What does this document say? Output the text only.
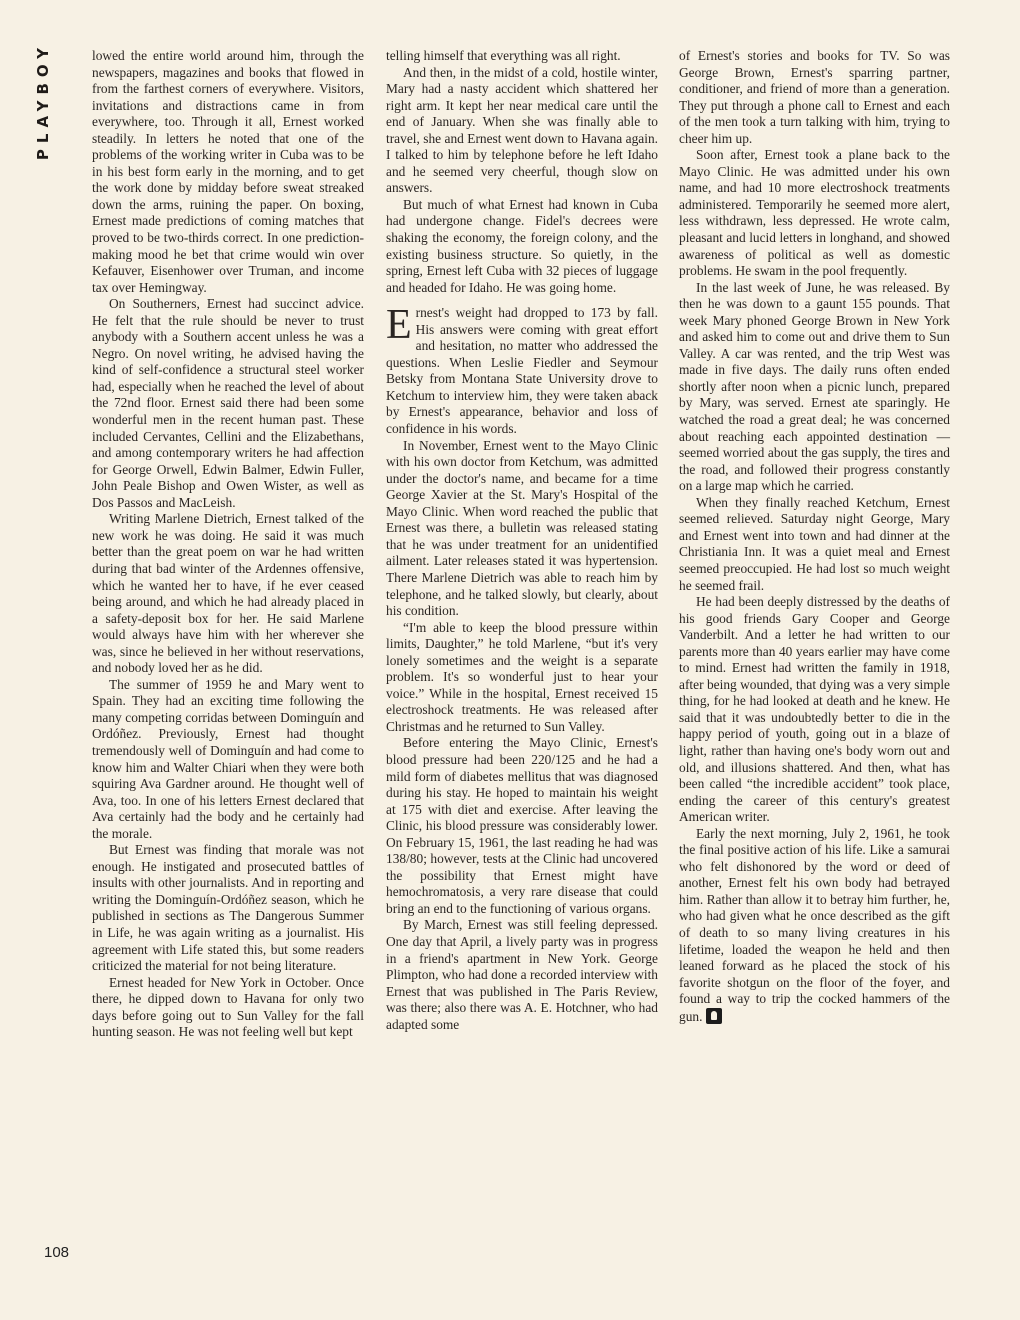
PLAYBOY	lowed the entire world around him, through the newspapers, magazines and books that flowed in from the farthest corners of everywhere. Visitors, invitations and distractions came in from everywhere, too. Through it all, Ernest worked steadily. In letters he noted that one of the problems of the working writer in Cuba was to be in his best form early in the morning, and to get the work done by midday before sweat streaked down the arms, ruining the paper. On boxing, Ernest made predictions of coming matches that proved to be two-thirds correct. In one prediction-making mood he bet that crime would win over Kefauver, Eisenhower over Truman, and income tax over Hemingway.

On Southerners, Ernest had succinct advice. He felt that the rule should be never to trust anybody with a Southern accent unless he was a Negro. On novel writing, he advised having the kind of self-confidence a structural steel worker had, especially when he reached the level of about the 72nd floor. Ernest said there had been some wonderful men in the recent human past. These included Cervantes, Cellini and the Elizabethans, and among contemporary writers he had affection for George Orwell, Edwin Balmer, Edwin Fuller, John Peale Bishop and Owen Wister, as well as Dos Passos and MacLeish.

Writing Marlene Dietrich, Ernest talked of the new work he was doing. He said it was much better than the great poem on war he had written during that bad winter of the Ardennes offensive, which he wanted her to have, if he ever ceased being around, and which he had already placed in a safety-deposit box for her. He said Marlene would always have him with her wherever she was, since he believed in her without reservations, and nobody loved her as he did.

The summer of 1959 he and Mary went to Spain. They had an exciting time following the many competing corridas between Dominguín and Ordóñez. Previously, Ernest had thought tremendously well of Dominguín and had come to know him and Walter Chiari when they were both squiring Ava Gardner around. He thought well of Ava, too. In one of his letters Ernest declared that Ava certainly had the body and he certainly had the morale.

But Ernest was finding that morale was not enough. He instigated and prosecuted battles of insults with other journalists. And in reporting and writing the Dominguín-Ordóñez season, which he published in sections as The Dangerous Summer in Life, he was again writing as a journalist. His agreement with Life stated this, but some readers criticized the material for not being literature.

Ernest headed for New York in October. Once there, he dipped down to Havana for only two days before going out to Sun Valley for the fall hunting season. He was not feeling well but kept

telling himself that everything was all right.

And then, in the midst of a cold, hostile winter, Mary had a nasty accident which shattered her right arm. It kept her near medical care until the end of January. When she was finally able to travel, she and Ernest went down to Havana again. I talked to him by telephone before he left Idaho and he seemed very cheerful, though slow on answers.

But much of what Ernest had known in Cuba had undergone change. Fidel's decrees were shaking the economy, the foreign colony, and the existing business structure. So quietly, in the spring, Ernest left Cuba with 32 pieces of luggage and headed for Idaho. He was going home.

Ernest's weight had dropped to 173 by fall. His answers were coming with great effort and hesitation, no matter who addressed the questions. When Leslie Fiedler and Seymour Betsky from Montana State University drove to Ketchum to interview him, they were taken aback by Ernest's appearance, behavior and loss of confidence in his words.

In November, Ernest went to the Mayo Clinic with his own doctor from Ketchum, was admitted under the doctor's name, and became for a time George Xavier at the St. Mary's Hospital of the Mayo Clinic. When word reached the public that Ernest was there, a bulletin was released stating that he was under treatment for an unidentified ailment. Later releases stated it was hypertension. There Marlene Dietrich was able to reach him by telephone, and he talked slowly, but clearly, about his condition.

“I'm able to keep the blood pressure within limits, Daughter,” he told Marlene, “but it's very lonely sometimes and the weight is a separate problem. It's so wonderful just to hear your voice.” While in the hospital, Ernest received 15 electroshock treatments. He was released after Christmas and he returned to Sun Valley.

Before entering the Mayo Clinic, Ernest's blood pressure had been 220/125 and he had a mild form of diabetes mellitus that was diagnosed during his stay. He hoped to maintain his weight at 175 with diet and exercise. After leaving the Clinic, his blood pressure was considerably lower. On February 15, 1961, the last reading he had was 138/80; however, tests at the Clinic had uncovered the possibility that Ernest might have hemochromatosis, a very rare disease that could bring an end to the functioning of various organs.

By March, Ernest was still feeling depressed. One day that April, a lively party was in progress in a friend's apartment in New York. George Plimpton, who had done a recorded interview with Ernest that was published in The Paris Review, was there; also there was A. E. Hotchner, who had adapted some

of Ernest's stories and books for TV. So was George Brown, Ernest's sparring partner, conditioner, and friend of more than a generation. They put through a phone call to Ernest and each of the men took a turn talking with him, trying to cheer him up.

Soon after, Ernest took a plane back to the Mayo Clinic. He was admitted under his own name, and had 10 more electroshock treatments administered. Temporarily he seemed more alert, less withdrawn, less depressed. He wrote calm, pleasant and lucid letters in longhand, and showed awareness of political as well as domestic problems. He swam in the pool frequently.

In the last week of June, he was released. By then he was down to a gaunt 155 pounds. That week Mary phoned George Brown in New York and asked him to come out and drive them to Sun Valley. A car was rented, and the trip West was made in five days. The daily runs often ended shortly after noon when a picnic lunch, prepared by Mary, was served. Ernest ate sparingly. He watched the road a great deal; he was concerned about reaching each appointed destination — seemed worried about the gas supply, the tires and the road, and followed their progress constantly on a large map which he carried.

When they finally reached Ketchum, Ernest seemed relieved. Saturday night George, Mary and Ernest went into town and had dinner at the Christiania Inn. It was a quiet meal and Ernest seemed preoccupied. He had lost so much weight he seemed frail.

He had been deeply distressed by the deaths of his good friends Gary Cooper and George Vanderbilt. And a letter he had written to our parents more than 40 years earlier may have come to mind. Ernest had written the family in 1918, after being wounded, that dying was a very simple thing, for he had looked at death and he knew. He said that it was undoubtedly better to die in the happy period of youth, going out in a blaze of light, rather than having one's body worn out and old, and illusions shattered. And then, what has been called “the incredible accident” took place, ending the career of this century's greatest American writer.

Early the next morning, July 2, 1961, he took the final positive action of his life. Like a samurai who felt dishonored by the word or deed of another, Ernest felt his own body had betrayed him. Rather than allow it to betray him further, he, who had given what he once described as the gift of death to so many living creatures in his lifetime, loaded the weapon he held and then leaned forward as he placed the stock of his favorite shotgun on the floor of the foyer, and found a way to trip the cocked hammers of the gun.

108
